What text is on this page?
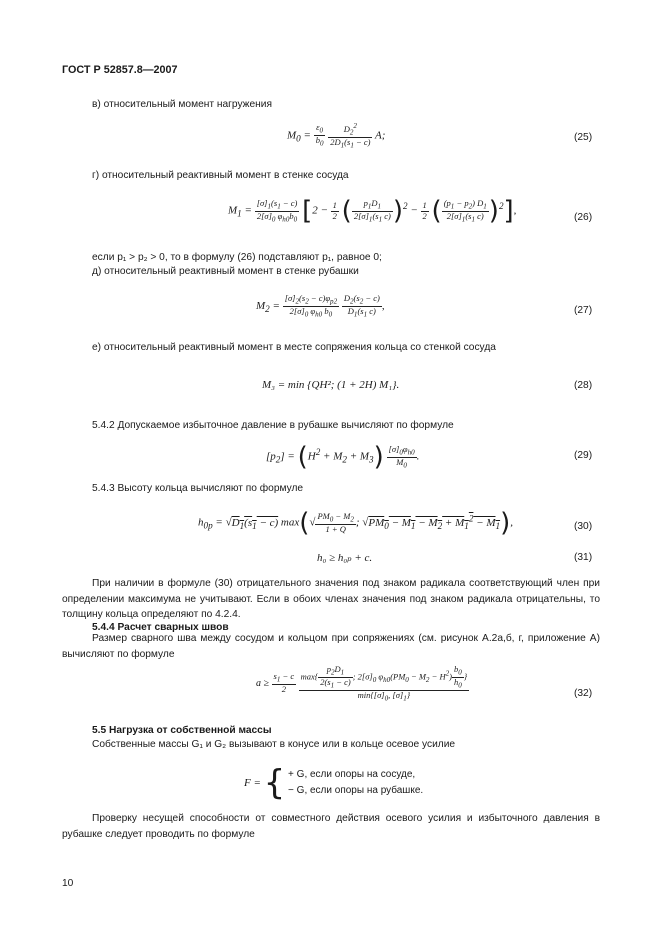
ГОСТ Р 52857.8—2007
в) относительный момент нагружения
$M_0 = \frac{\varepsilon_0}{b_0}$
$\frac{D_2^2}{2D_1(s_1 - c)} A$;	(25)
г) относительный реактивный момент в стенке сосуда
$M_1 = \frac{[\sigma]_1(s_1 - c)}{2[\sigma]_0 \varphi_{h0}b_0} [2 - \frac{1}{2}$ ( $\frac{p_1D_1}{2[\sigma]_1(s_1 c)} )^2 - \frac{1}{2}$ ( $\frac{(p_1 - p_2) D_1}{2[\sigma]_1(s_1 c)} )^2$],
(26)
если p₁ > p₂ > 0, то в формулу (26) подставляют p₁, равное 0;
д) относительный реактивный момент в стенке рубашки
$M_2 = \frac{[\sigma]_2(s_2 - c)\varphi_{p2}}{2[\sigma]_0 \varphi_{h0} b_0}$
$\frac{D_2(s_2 - c)}{D_1(s_1 c)}$ ,	(27)
е) относительный реактивный момент в месте сопряжения кольца со стенкой сосуда
M₃ = min {QH²; (1 + 2H) M₁}.	(28)
5.4.2 Допускаемое избыточное давление в рубашке вычисляют по формуле
$[p_2] = (H^2 + M_2 + M_3) \frac{[\sigma]_0\varphi_{h0}}{M_0}$ .	(29)
5.4.3 Высоту кольца вычисляют по формуле
$h_{0p} = √D_1(s_1 - c)$ $\max(√ \frac{PM_0 - M_2}{1 + Q}$ ; $√PM_0 - M_1 - M_2 + M_1^2 - M_1$),	(30)
h₀ ≥ h₀ₚ + c.	(31)
При наличии в формуле (30) отрицательного значения под знаком радикала соответствующий член при определении максимума не учитывают. Если в обоих членах значения под знаком радикала отрицательны, то толщину кольца определяют по 4.2.4.
5.4.4 Расчет сварных швов
Размер сварного шва между сосудом и кольцом при сопряжениях (см. рисунок А.2а,б, г, приложение А) вычисляют по формуле
$a \ge \frac{s_1 - c}{2}$
$\frac{\max\{ \frac{p_2D_1}{2(s_1 - c)} ; 2[\sigma]_0 \varphi_{h0}(PM_0 - M_2 - H^2) \frac{b_0}{h_0} \}}{\min\{[\sigma]_0, [\sigma]_1\}}$	(32)
5.5 Нагрузка от собственной массы
Собственные массы G₁ и G₂ вызывают в конусе или в кольце осевое усилие
F = { + G, если опоры на сосуде,
− G, если опоры на рубашке.
Проверку несущей способности от совместного действия осевого усилия и избыточного давления в рубашке следует проводить по формуле
10
